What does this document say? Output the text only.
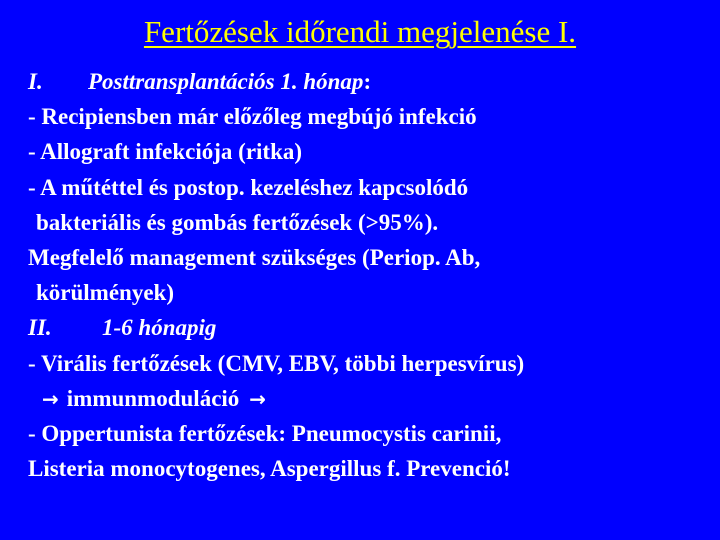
Fertőzések időrendi megjelenése I.
I. Posttransplantációs 1. hónap:
- Recipiensben már előzőleg megbújó infekció
- Allograft infekciója (ritka)
- A műtéttel és postop. kezeléshez kapcsolódó
bakteriális és gombás fertőzések (>95%).
Megfelelő management szükséges (Periop. Ab,
körülmények)
II. 1-6 hónapig
- Virális fertőzések (CMV, EBV, többi herpesvírus)
→ immunmoduláció →
- Oppertunista fertőzések: Pneumocystis carinii,
Listeria monocytogenes, Aspergillus f. Prevenció!
